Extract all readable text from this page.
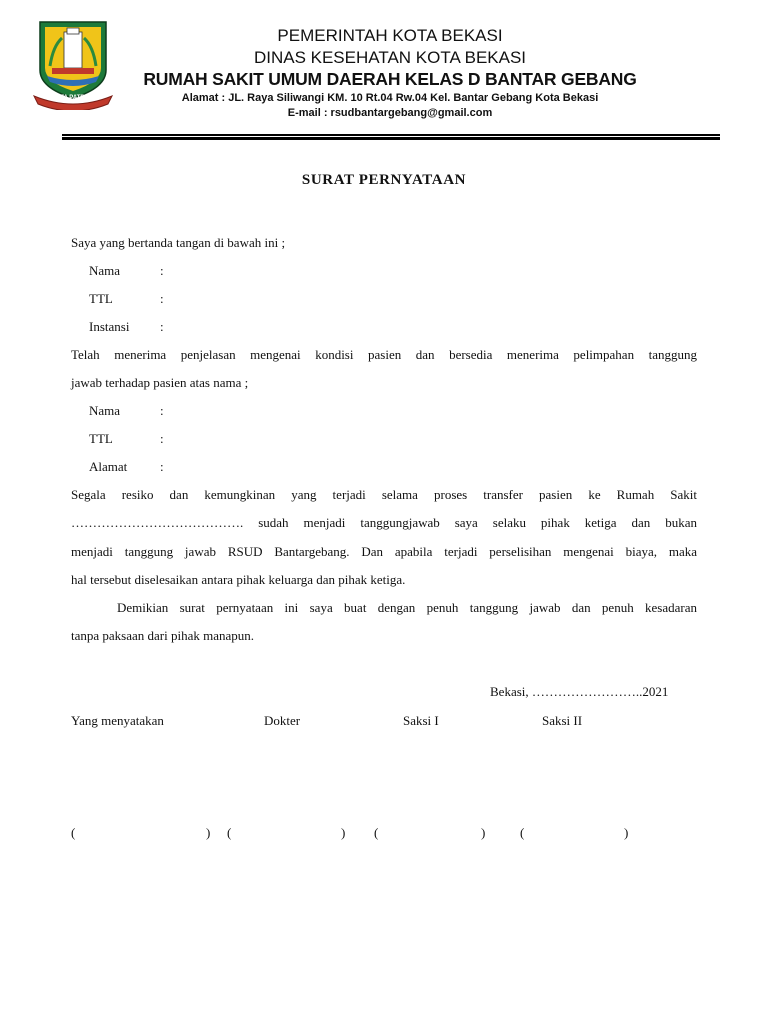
KOTA PATRIOT
PEMERINTAH KOTA BEKASI
DINAS KESEHATAN KOTA BEKASI
RUMAH SAKIT UMUM DAERAH KELAS D BANTAR GEBANG
Alamat : JL. Raya Siliwangi KM. 10 Rt.04 Rw.04 Kel. Bantar Gebang Kota Bekasi
E-mail : rsudbantargebang@gmail.com
SURAT PERNYATAAN
Saya yang bertanda tangan di bawah ini ;
Nama	:
TTL	:
Instansi :
Telah menerima penjelasan mengenai kondisi pasien dan bersedia menerima pelimpahan tanggung
jawab terhadap pasien atas nama ;
Nama	:
TTL	:
Alamat	:
Segala resiko dan kemungkinan yang terjadi selama proses transfer pasien ke Rumah Sakit
…………………………………. sudah menjadi tanggungjawab saya selaku pihak ketiga dan bukan
menjadi tanggung jawab RSUD Bantargebang. Dan apabila terjadi perselisihan mengenai biaya, maka
hal tersebut diselesaikan antara pihak keluarga dan pihak ketiga.
Demikian surat pernyataan ini saya buat dengan penuh tanggung jawab dan penuh kesadaran
tanpa paksaan dari pihak manapun.
Bekasi, ……………………..2021
Yang menyatakan	Dokter	Saksi I	Saksi II
(	) (	) (	)	(	)
